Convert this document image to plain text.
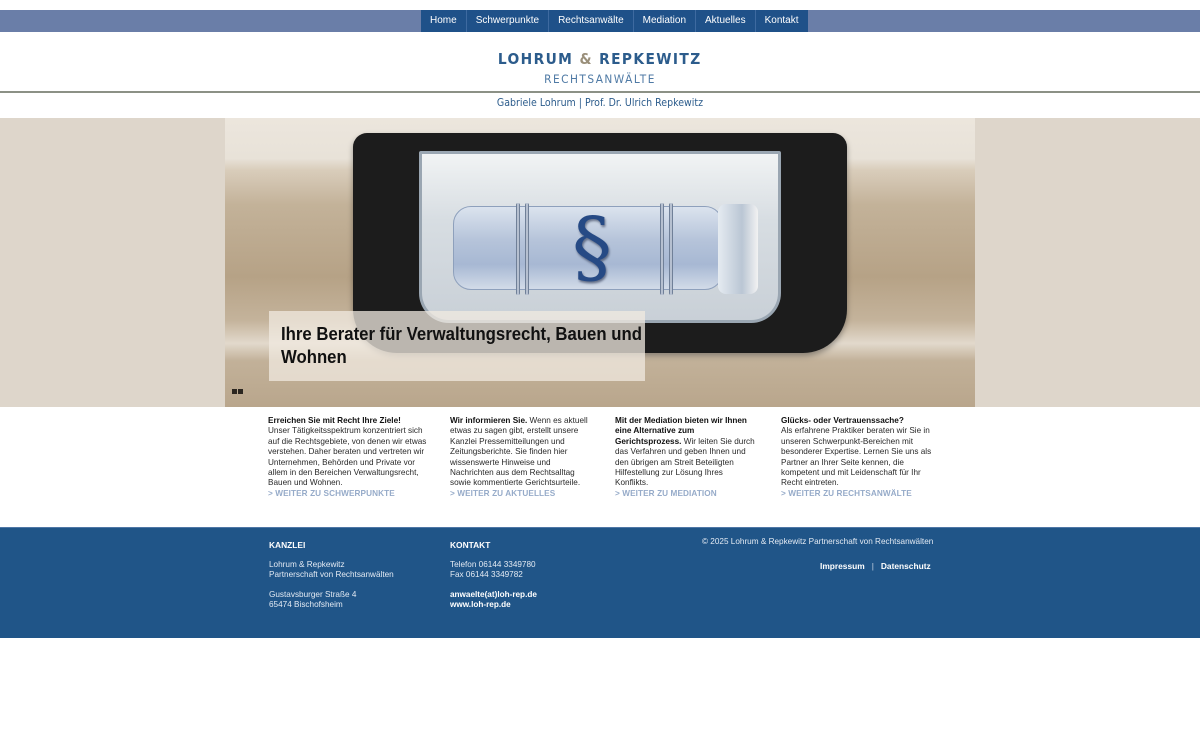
Home	Schwerpunkte	Rechtsanwälte	Mediation	Aktuelles	Kontakt
LOHRUM & REPKEWITZ
RECHTSANWÄLTE
Gabriele Lohrum | Prof. Dr. Ulrich Repkewitz
§
Ihre Berater für Verwaltungsrecht, Bauen und Wohnen
Erreichen Sie mit Recht Ihre Ziele!
Unser Tätigkeitsspektrum konzentriert sich auf die Rechtsgebiete, von denen wir etwas verstehen. Daher beraten und vertreten wir Unternehmen, Behörden und Private vor allem in den Bereichen Verwaltungsrecht, Bauen und Wohnen.
> WEITER ZU SCHWERPUNKTE
Wir informieren Sie. Wenn es aktuell etwas zu sagen gibt, erstellt unsere Kanzlei Pressemitteilungen und Zeitungsberichte. Sie finden hier wissenswerte Hinweise und Nachrichten aus dem Rechtsalltag sowie kommentierte Gerichtsurteile.
> WEITER ZU AKTUELLES
Mit der Mediation bieten wir Ihnen eine Alternative zum Gerichtsprozess. Wir leiten Sie durch das Verfahren und geben Ihnen und den übrigen am Streit Beteiligten Hilfestellung zur Lösung Ihres Konflikts.
> WEITER ZU MEDIATION
Glücks- oder Vertrauenssache?
Als erfahrene Praktiker beraten wir Sie in unseren Schwerpunkt-Bereichen mit besonderer Expertise. Lernen Sie uns als Partner an Ihrer Seite kennen, die kompetent und mit Leidenschaft für Ihr Recht eintreten.
> WEITER ZU RECHTSANWÄLTE
KANZLEI

Lohrum & Repkewitz
Partnerschaft von Rechtsanwälten

Gustavsburger Straße 4
65474 Bischofsheim

KONTAKT

Telefon 06144 3349780
Fax 06144 3349782

anwaelte(at)loh-rep.de
www.loh-rep.de
© 2025 Lohrum & Repkewitz Partnerschaft von Rechtsanwälten
Impressum | Datenschutz
